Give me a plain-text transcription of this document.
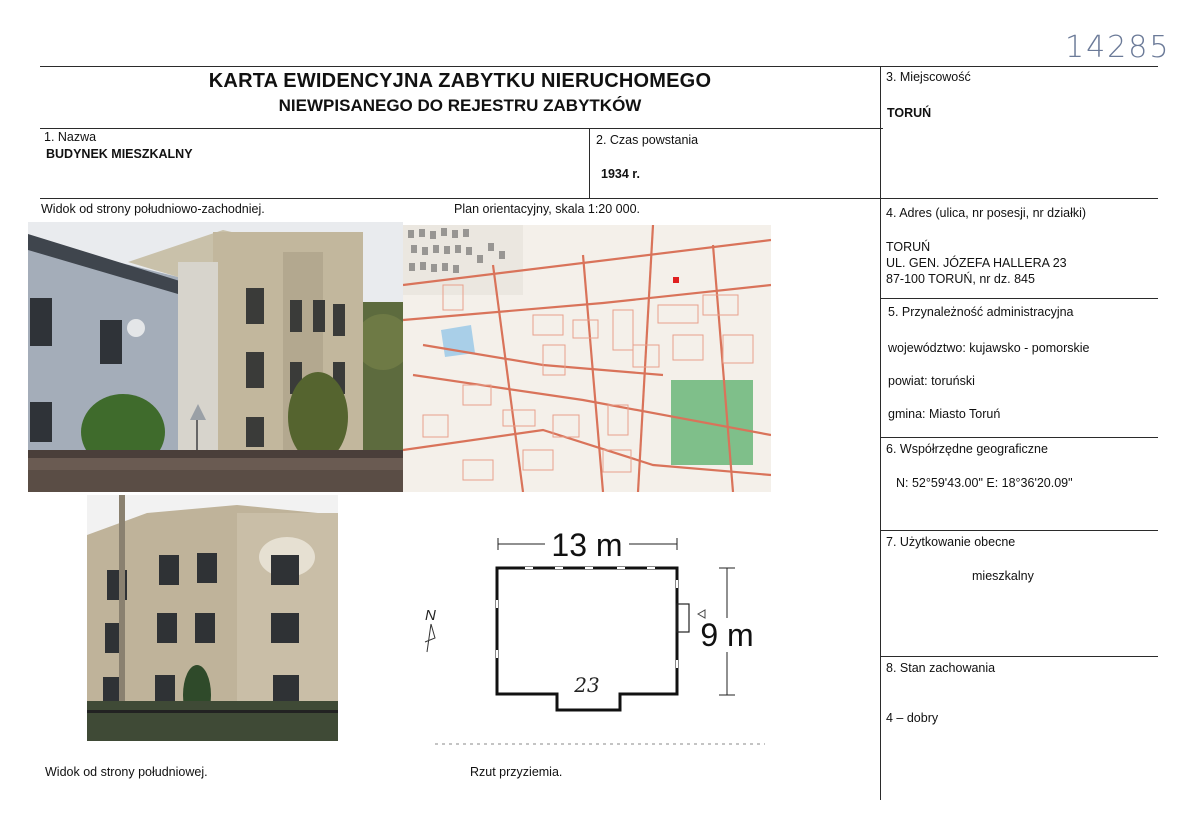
14285
KARTA EWIDENCYJNA ZABYTKU NIERUCHOMEGO
NIEWPISANEGO DO REJESTRU ZABYTKÓW
1. Nazwa
BUDYNEK MIESZKALNY
2. Czas powstania
1934 r.
3. Miejscowość
TORUŃ
4. Adres (ulica, nr posesji, nr działki)
TORUŃ
UL. GEN. JÓZEFA HALLERA 23
87-100 TORUŃ, nr dz. 845
5. Przynależność administracyjna
województwo: kujawsko - pomorskie
powiat: toruński
gmina: Miasto Toruń
6. Współrzędne geograficzne
N: 52°59'43.00" E: 18°36'20.09"
7. Użytkowanie obecne
mieszkalny
8. Stan zachowania
4 – dobry
Widok od strony południowo-zachodniej.	Plan orientacyjny, skala 1:20 000.
Widok od strony południowej.	Rzut przyziemia.
13 m
9 m
23
N
